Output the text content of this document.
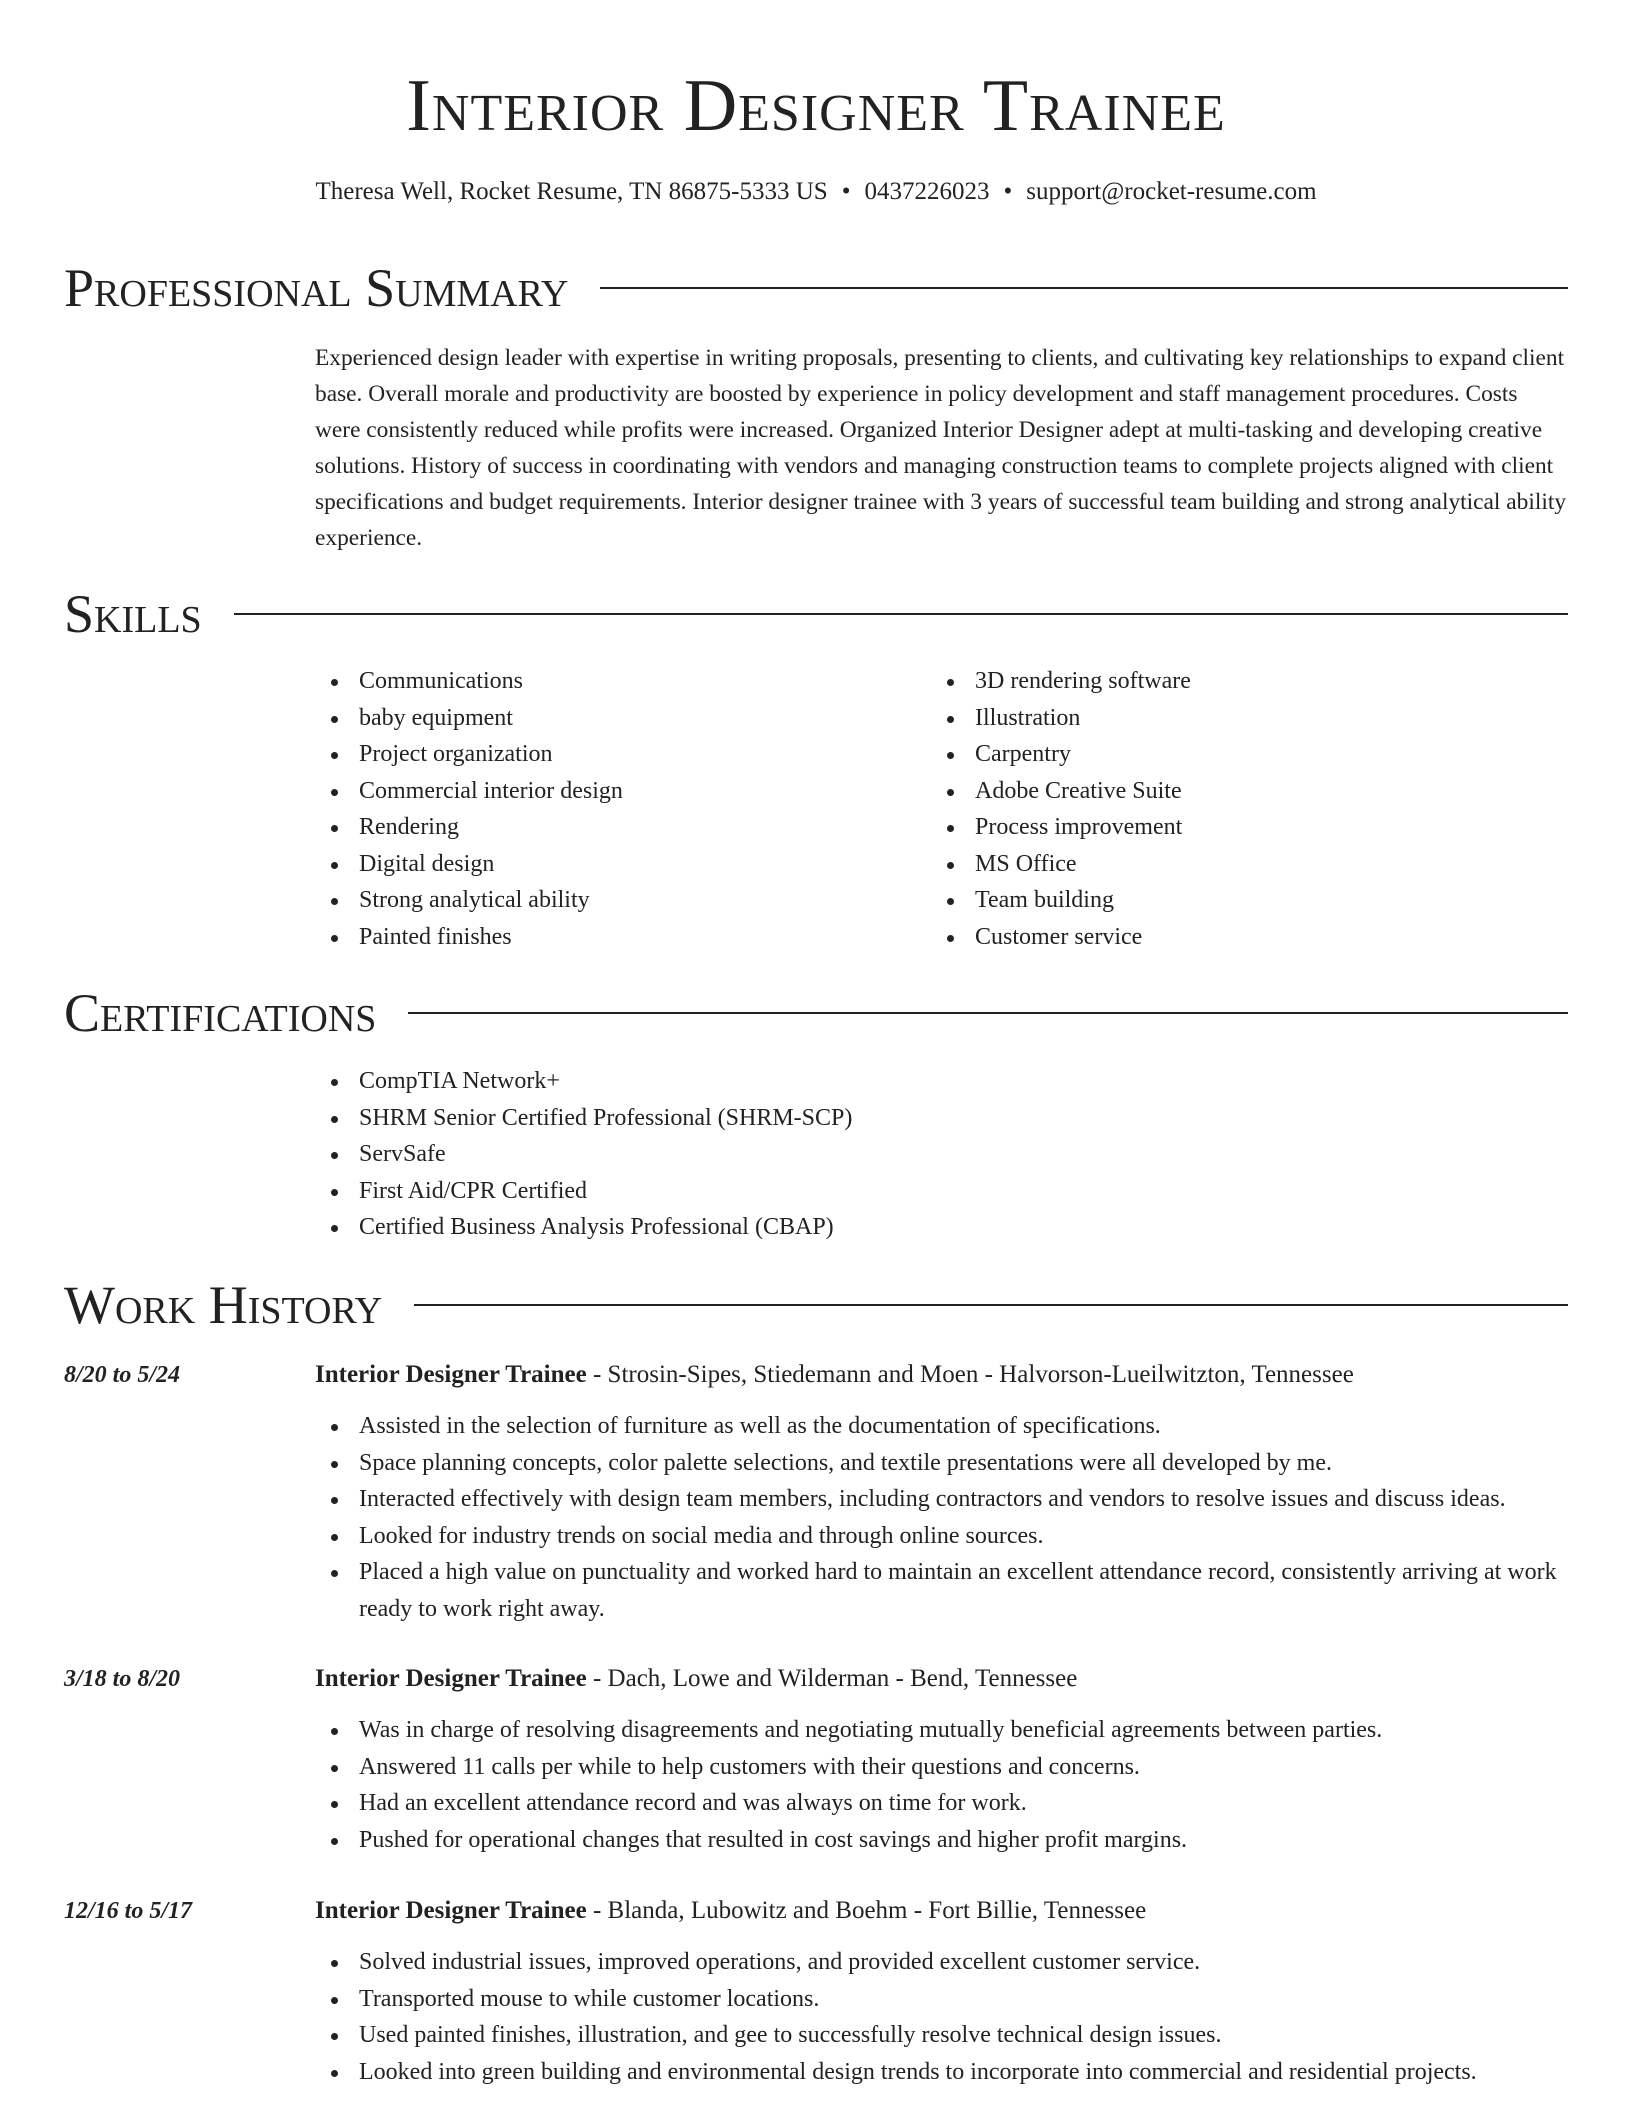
Interior Designer Trainee
Theresa Well, Rocket Resume, TN 86875-5333 US • 0437226023 • support@rocket-resume.com
Professional Summary

Experienced design leader with expertise in writing proposals, presenting to clients, and cultivating key relationships to expand client base. Overall morale and productivity are boosted by experience in policy development and staff management procedures. Costs were consistently reduced while profits were increased. Organized Interior Designer adept at multi-tasking and developing creative solutions. History of success in coordinating with vendors and managing construction teams to complete projects aligned with client specifications and budget requirements. Interior designer trainee with 3 years of successful team building and strong analytical ability experience.

Skills
Communications
baby equipment
Project organization
Commercial interior design
Rendering
Digital design
Strong analytical ability
Painted finishes
3D rendering software
Illustration
Carpentry
Adobe Creative Suite
Process improvement
MS Office
Team building
Customer service
Certifications
CompTIA Network+
SHRM Senior Certified Professional (SHRM-SCP)
ServSafe
First Aid/CPR Certified
Certified Business Analysis Professional (CBAP)
Work History
8/20 to 5/24	Interior Designer Trainee - Strosin-Sipes, Stiedemann and Moen - Halvorson-Lueilwitzton, Tennessee
Assisted in the selection of furniture as well as the documentation of specifications.
Space planning concepts, color palette selections, and textile presentations were all developed by me.
Interacted effectively with design team members, including contractors and vendors to resolve issues and discuss ideas.
Looked for industry trends on social media and through online sources.
Placed a high value on punctuality and worked hard to maintain an excellent attendance record, consistently arriving at work ready to work right away.
3/18 to 8/20	Interior Designer Trainee - Dach, Lowe and Wilderman - Bend, Tennessee
Was in charge of resolving disagreements and negotiating mutually beneficial agreements between parties.
Answered 11 calls per while to help customers with their questions and concerns.
Had an excellent attendance record and was always on time for work.
Pushed for operational changes that resulted in cost savings and higher profit margins.
12/16 to 5/17	Interior Designer Trainee - Blanda, Lubowitz and Boehm - Fort Billie, Tennessee
Solved industrial issues, improved operations, and provided excellent customer service.
Transported mouse to while customer locations.
Used painted finishes, illustration, and gee to successfully resolve technical design issues.
Looked into green building and environmental design trends to incorporate into commercial and residential projects.
